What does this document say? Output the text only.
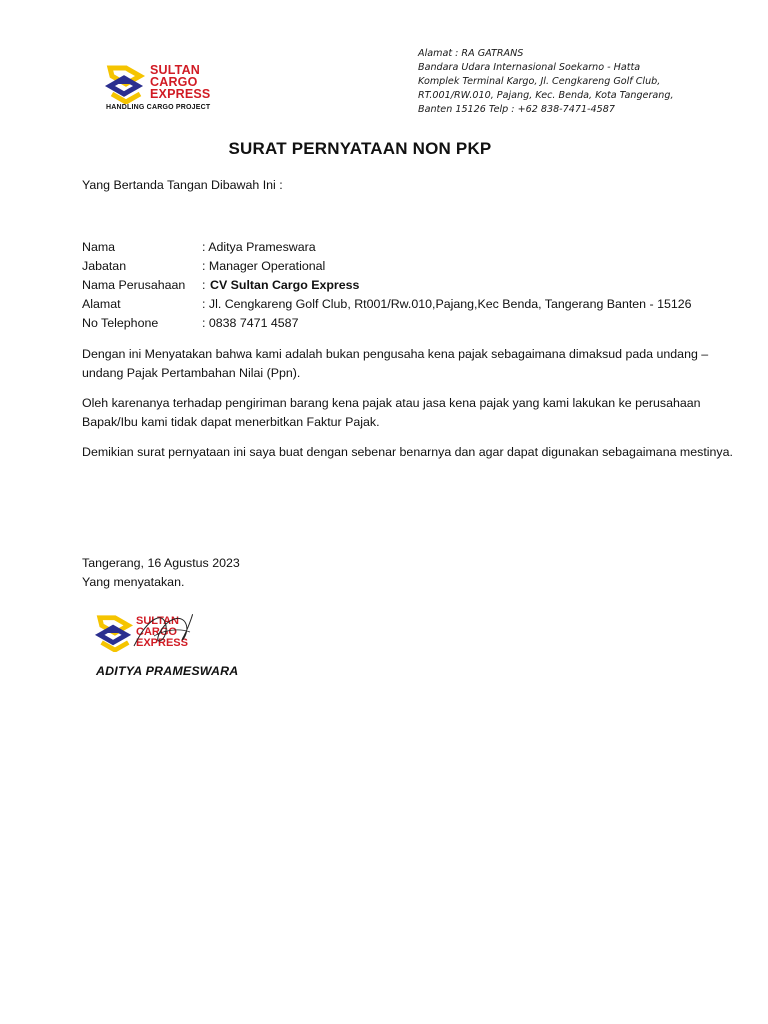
SULTAN
CARGO
EXPRESS
HANDLING CARGO PROJECT
Alamat : RA GATRANS
Bandara Udara Internasional Soekarno - Hatta
Komplek Terminal Kargo, Jl. Cengkareng Golf Club,
RT.001/RW.010, Pajang, Kec. Benda, Kota Tangerang,
Banten 15126 Telp : +62 838-7471-4587
SURAT PERNYATAAN NON PKP
Yang Bertanda Tangan Dibawah Ini :
Nama	: Aditya Prameswara
Jabatan	: Manager Operational
Nama Perusahaan	: CV Sultan Cargo Express
Alamat	: Jl. Cengkareng Golf Club, Rt001/Rw.010,Pajang,Kec Benda, Tangerang Banten - 15126
No Telephone	: 0838 7471 4587
Dengan ini Menyatakan bahwa kami adalah bukan pengusaha kena pajak sebagaimana dimaksud pada undang – undang Pajak Pertambahan Nilai (Ppn).
Oleh karenanya terhadap pengiriman barang kena pajak atau jasa kena pajak yang kami lakukan ke perusahaan Bapak/Ibu kami tidak dapat menerbitkan Faktur Pajak.
Demikian surat pernyataan ini saya buat dengan sebenar benarnya dan agar dapat digunakan sebagaimana mestinya.
Tangerang, 16 Agustus 2023
Yang menyatakan.
SULTAN
CARGO
EXPRESS
ADITYA PRAMESWARA
